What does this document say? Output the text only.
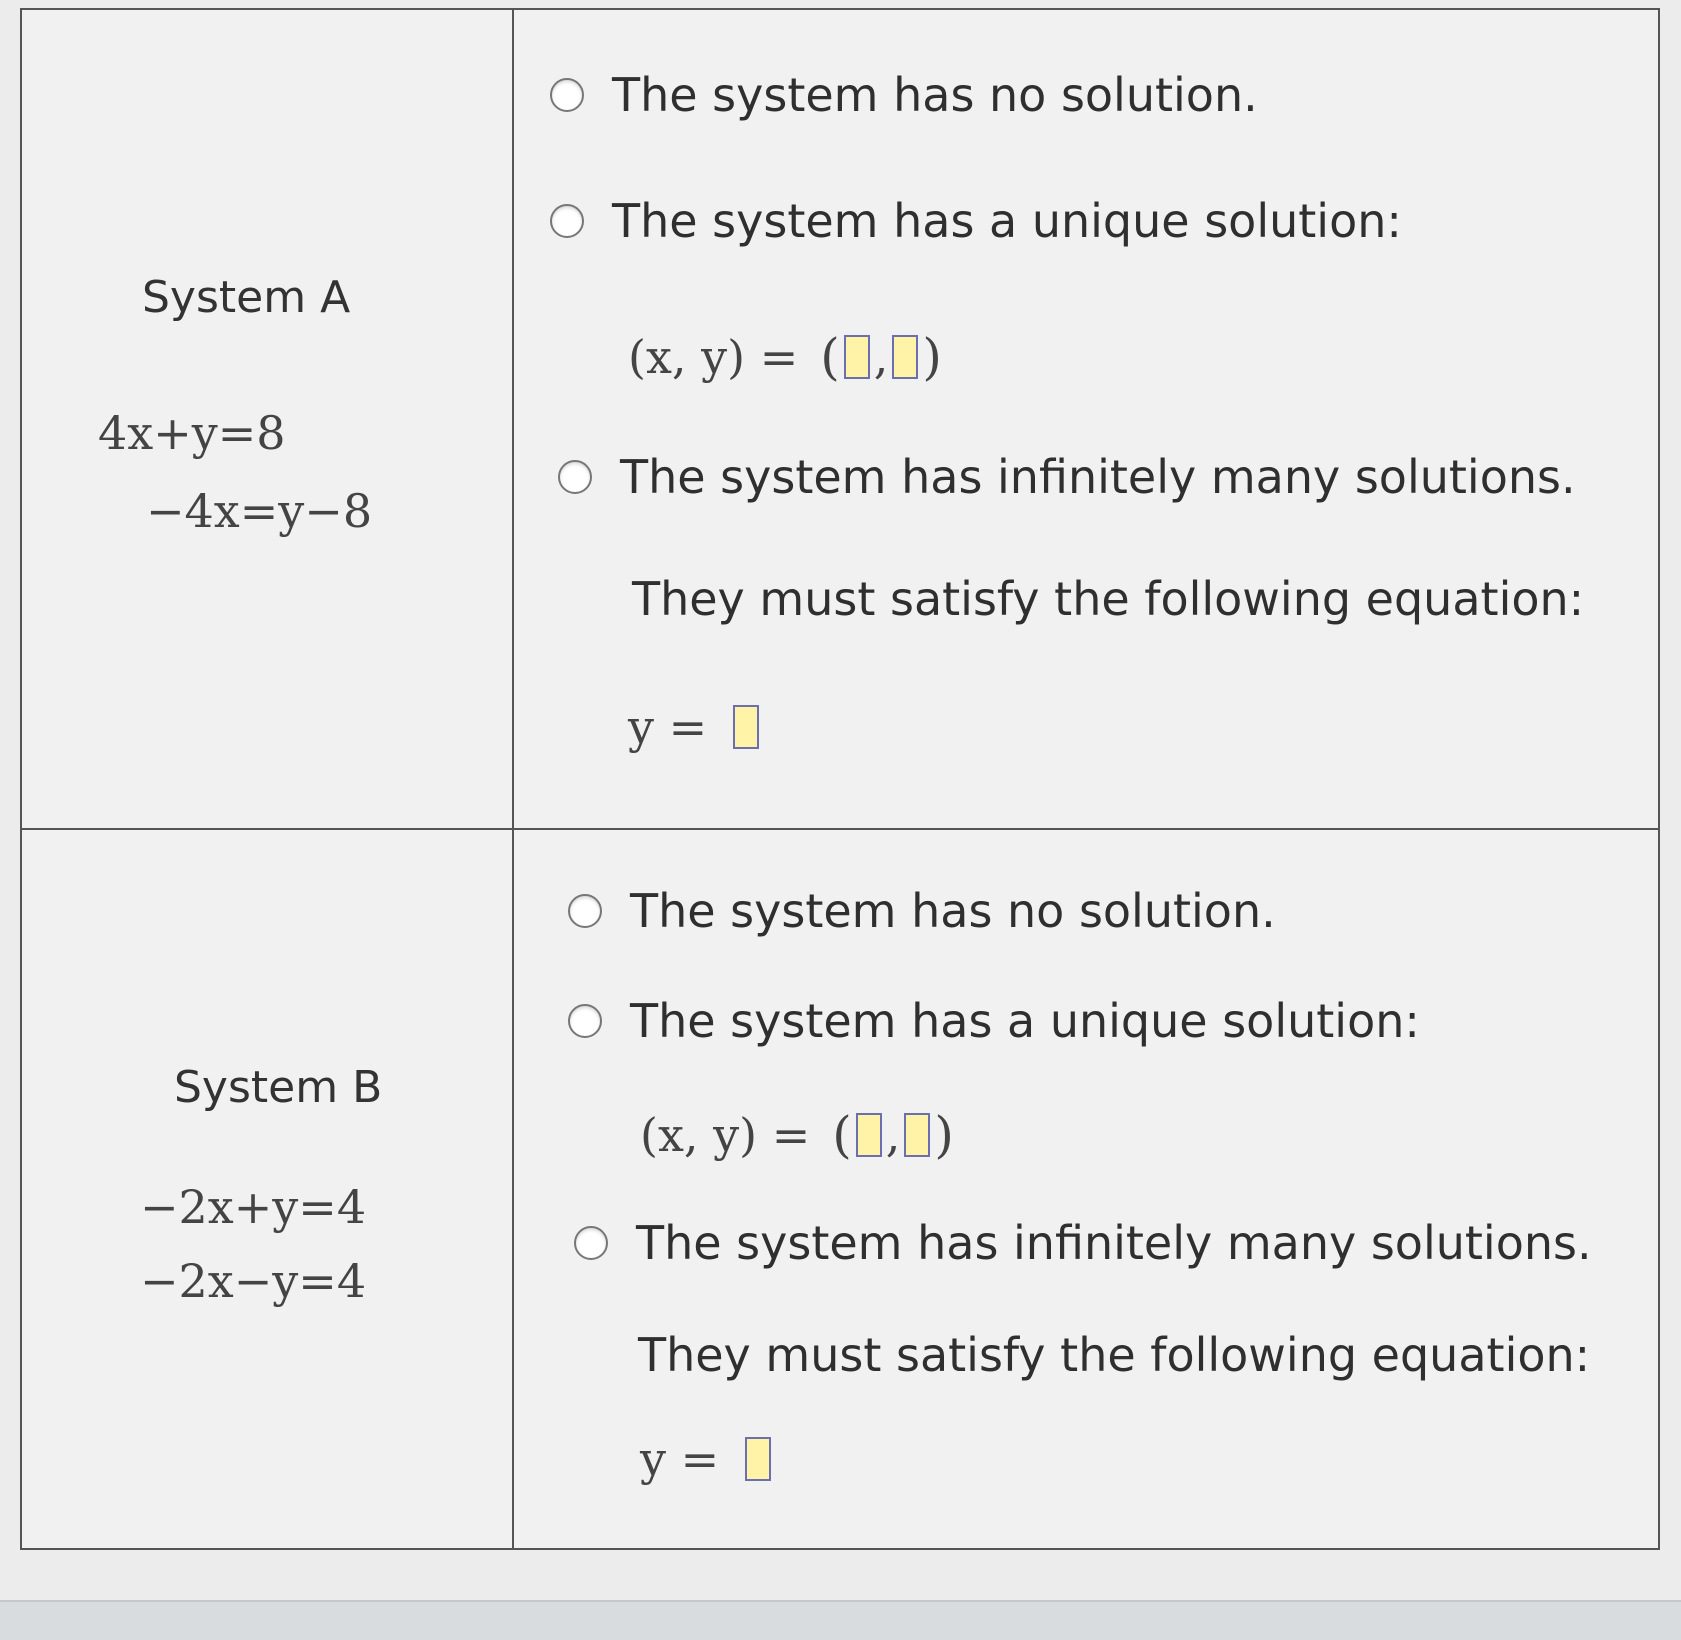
System A
4x+y=8
−4x=y−8
The system has no solution.
The system has a unique solution:
(x, y) = ( , )
The system has infinitely many solutions.
They must satisfy the following equation:
y =
System B
−2x+y=4
−2x−y=4
The system has no solution.
The system has a unique solution:
(x, y) = ( , )
The system has infinitely many solutions.
They must satisfy the following equation:
y =
